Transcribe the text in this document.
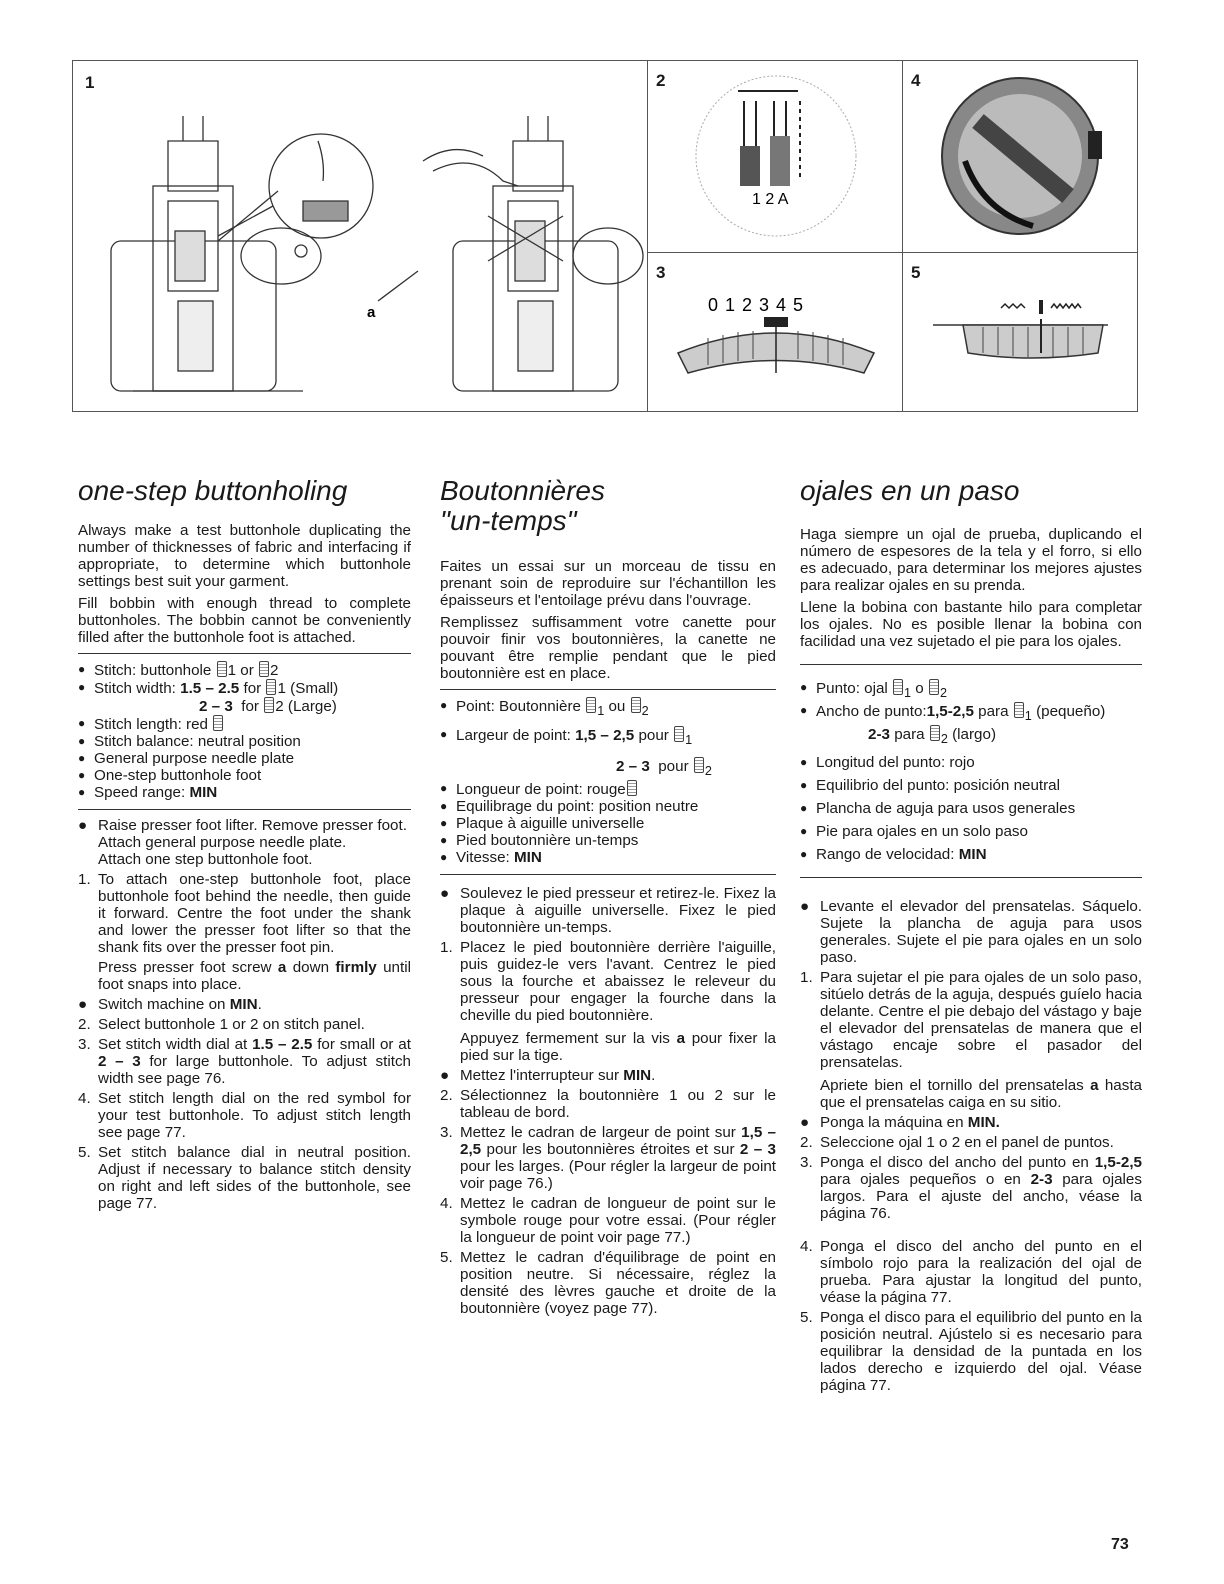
1
a
2
1 2 A
4
3
0 1 2 3 4 5
5
one-step buttonholing

Always make a test buttonhole duplicating the number of thicknesses of fabric and interfacing if appropriate, to determine which buttonhole settings best suit your garment.

Fill bobbin with enough thread to complete buttonholes. The bobbin cannot be conveniently filled after the buttonhole foot is attached.

● Stitch: buttonhole 1 or 2
● Stitch width: 1.5 – 2.5 for 1 (Small)
2 – 3 for 2 (Large)
● Stitch length: red
● Stitch balance: neutral position
● General purpose needle plate
● One-step buttonhole foot
● Speed range: MIN
● Raise presser foot lifter. Remove presser foot.
Attach general purpose needle plate.
Attach one step buttonhole foot.
1. To attach one-step buttonhole foot, place buttonhole foot behind the needle, then guide it forward. Centre the foot under the shank and lower the presser foot lifter so that the shank fits over the presser foot pin.
Press presser foot screw a down firmly until foot snaps into place.
● Switch machine on MIN.
2. Select buttonhole 1 or 2 on stitch panel.
3. Set stitch width dial at 1.5 – 2.5 for small or at 2 – 3 for large buttonhole. To adjust stitch width see page 76.
4. Set stitch length dial on the red symbol for your test buttonhole. To adjust stitch length see page 77.
5. Set stitch balance dial in neutral position. Adjust if necessary to balance stitch density on right and left sides of the buttonhole, see page 77.
Boutonnières
"un-temps"

Faites un essai sur un morceau de tissu en prenant soin de reproduire sur l'échantillon les épaisseurs et l'entoilage prévu dans l'ouvrage.

Remplissez suffisamment votre canette pour pouvoir finir vos boutonnières, la canette ne pouvant être remplie pendant que le pied boutonnière est en place.

● Point: Boutonnière $_1$ ou $_2$
● Largeur de point: 1,5 – 2,5 pour $_1$
2 – 3 pour $_2$
● Longueur de point: rouge
● Equilibrage du point: position neutre
● Plaque à aiguille universelle
● Pied boutonnière un-temps
● Vitesse: MIN
● Soulevez le pied presseur et retirez-le. Fixez la plaque à aiguille universelle. Fixez le pied boutonnière un-temps.
1. Placez le pied boutonnière derrière l'aiguille, puis guidez-le vers l'avant. Centrez le pied sous la fourche et abaissez le releveur du presseur pour engager la fourche dans la cheville du pied boutonnière.
Appuyez fermement sur la vis a pour fixer la pied sur la tige.
● Mettez l'interrupteur sur MIN.
2. Sélectionnez la boutonnière 1 ou 2 sur le tableau de bord.
3. Mettez le cadran de largeur de point sur 1,5 – 2,5 pour les boutonnières étroites et sur 2 – 3 pour les larges. (Pour régler la largeur de point voir page 76.)
4. Mettez le cadran de longueur de point sur le symbole rouge pour votre essai. (Pour régler la longueur de point voir page 77.)
5. Mettez le cadran d'équilibrage de point en position neutre. Si nécessaire, réglez la densité des lèvres gauche et droite de la boutonnière (voyez page 77).
ojales en un paso

Haga siempre un ojal de prueba, duplicando el número de espesores de la tela y el forro, si ello es adecuado, para determinar los mejores ajustes para realizar ojales en su prenda.

Llene la bobina con bastante hilo para completar los ojales. No es posible llenar la bobina con facilidad una vez sujetado el pie para los ojales.

● Punto: ojal $_1$ o $_2$
● Ancho de punto:1,5-2,5 para $_1$ (pequeño)
2-3 para $_2$ (largo)
● Longitud del punto: rojo
● Equilibrio del punto: posición neutral
● Plancha de aguja para usos generales
● Pie para ojales en un solo paso
● Rango de velocidad: MIN
● Levante el elevador del prensatelas. Sáquelo. Sujete la plancha de aguja para usos generales. Sujete el pie para ojales en un solo paso.
1. Para sujetar el pie para ojales de un solo paso, sitúelo detrás de la aguja, después guíelo hacia delante. Centre el pie debajo del vástago y baje el elevador del prensatelas de manera que el vástago encaje sobre el pasador del prensatelas.
Apriete bien el tornillo del prensatelas a hasta que el prensatelas caiga en su sitio.
● Ponga la máquina en MIN.
2. Seleccione ojal 1 o 2 en el panel de puntos.
3. Ponga el disco del ancho del punto en 1,5-2,5 para ojales pequeños o en 2-3 para ojales largos. Para el ajuste del ancho, véase la página 76.
4. Ponga el disco del ancho del punto en el símbolo rojo para la realización del ojal de prueba. Para ajustar la longitud del punto, véase la página 77.
5. Ponga el disco para el equilibrio del punto en la posición neutral. Ajústelo si es necesario para equilibrar la densidad de la puntada en los lados derecho e izquierdo del ojal. Véase página 77.
73
